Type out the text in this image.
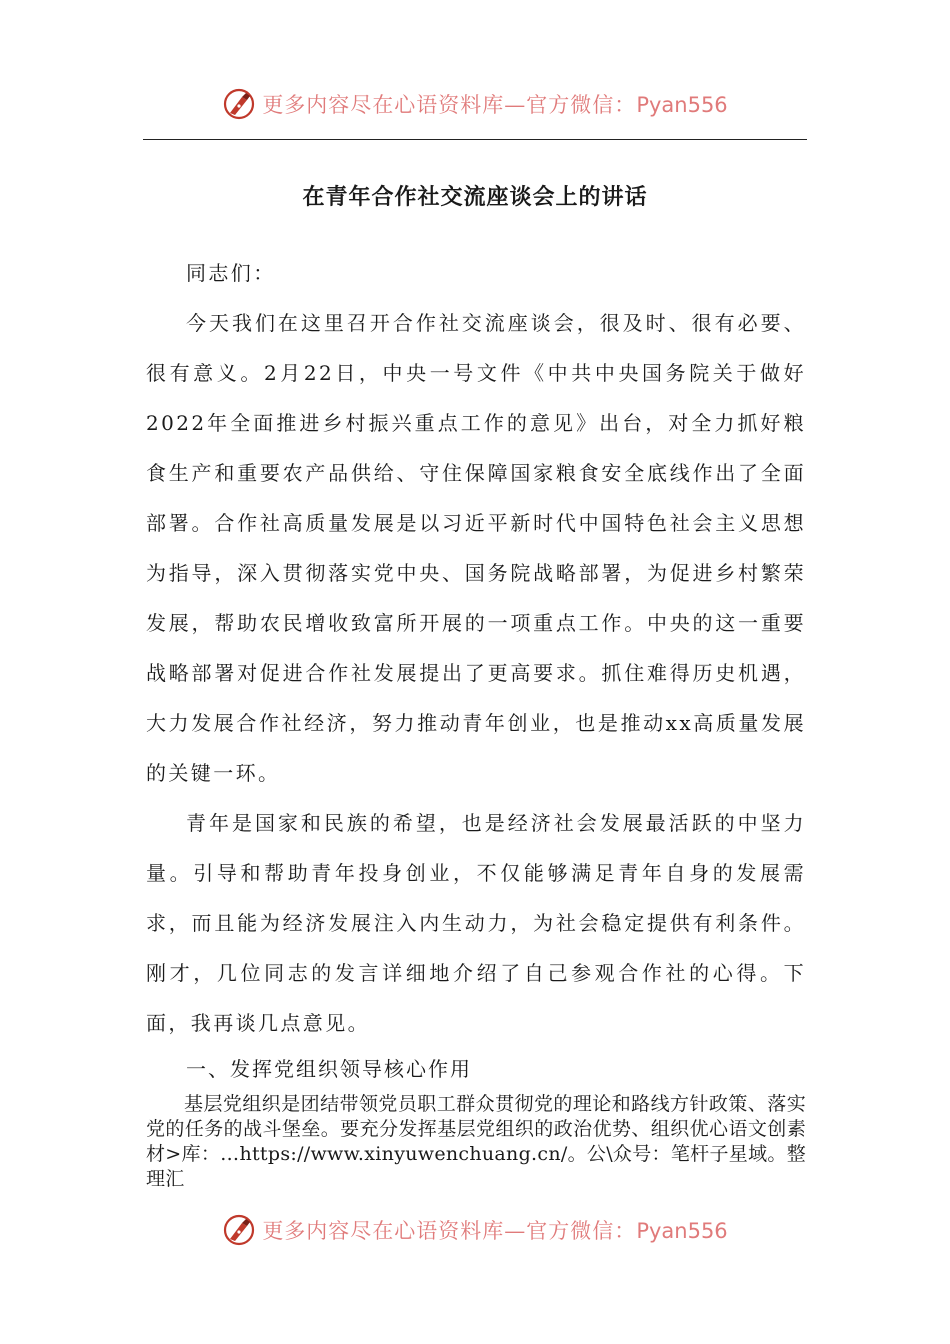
更多内容尽在心语资料库—官方微信：Pyan556
在青年合作社交流座谈会上的讲话

同志们：

今天我们在这里召开合作社交流座谈会，很及时、很有必要、很有意义。2月22日，中央一号文件《中共中央国务院关于做好2022年全面推进乡村振兴重点工作的意见》出台，对全力抓好粮食生产和重要农产品供给、守住保障国家粮食安全底线作出了全面部署。合作社高质量发展是以习近平新时代中国特色社会主义思想为指导，深入贯彻落实党中央、国务院战略部署，为促进乡村繁荣发展，帮助农民增收致富所开展的一项重点工作。中央的这一重要战略部署对促进合作社发展提出了更高要求。抓住难得历史机遇，大力发展合作社经济，努力推动青年创业，也是推动xx高质量发展的关键一环。

青年是国家和民族的希望，也是经济社会发展最活跃的中坚力量。引导和帮助青年投身创业，不仅能够满足青年自身的发展需求，而且能为经济发展注入内生动力，为社会稳定提供有利条件。刚才，几位同志的发言详细地介绍了自己参观合作社的心得。下面，我再谈几点意见。

一、发挥党组织领导核心作用

基层党组织是团结带领党员职工群众贯彻党的理论和路线方针政策、落实党的任务的战斗堡垒。要充分发挥基层党组织的政治优势、组织优心语文创素材>库：…https://www.xinyuwenchuang.cn/。公\众号：笔杆子星域。整理汇

更多内容尽在心语资料库—官方微信：Pyan556
